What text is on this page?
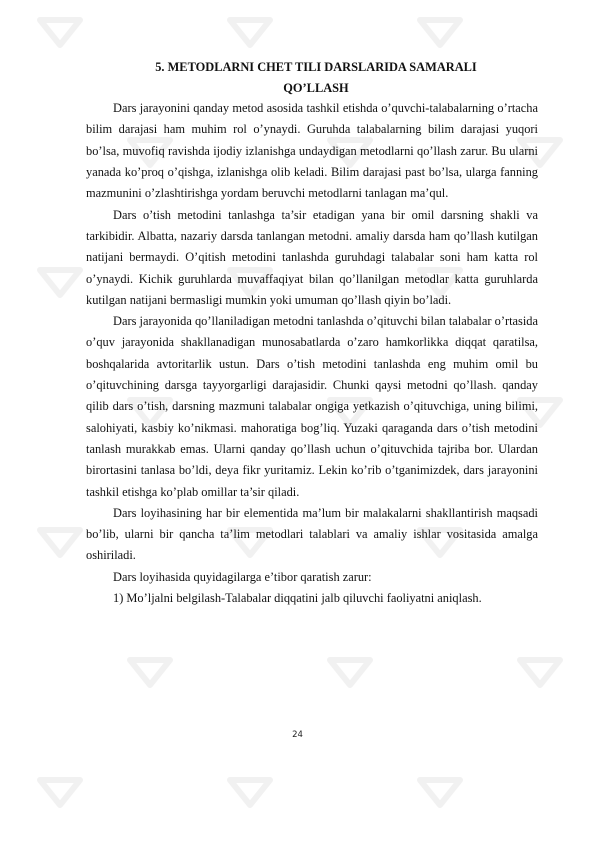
5. METODLARNI CHET TILI DARSLARIDA SAMARALI

QO’LLASH

Dars jarayonini qanday metod asosida tashkil etishda o’quvchi-talabalarning o’rtacha bilim darajasi ham muhim rol o’ynaydi. Guruhda talabalarning bilim darajasi yuqori bo’lsa, muvofiq ravishda ijodiy izlanishga undaydigan metodlarni qo’llash zarur. Bu ularni yanada ko’proq o’qishga, izlanishga olib keladi. Bilim darajasi past bo’lsa, ularga fanning mazmunini o’zlashtirishga yordam beruvchi metodlarni tanlagan ma’qul.

Dars o’tish metodini tanlashga ta’sir etadigan yana bir omil darsning shakli va tarkibidir. Albatta, nazariy darsda tanlangan metodni. amaliy darsda ham qo’llash kutilgan natijani bermaydi. O’qitish metodini tanlashda guruhdagi talabalar soni ham katta rol o’ynaydi. Kichik guruhlarda muvaffaqiyat bilan qo’llanilgan metodlar katta guruhlarda kutilgan natijani bermasligi mumkin yoki umuman qo’llash qiyin bo’ladi.

Dars jarayonida qo’llaniladigan metodni tanlashda o’qituvchi bilan talabalar o’rtasida o’quv jarayonida shakllanadigan munosabatlarda o’zaro hamkorlikka diqqat qaratilsa, boshqalarida avtoritarlik ustun. Dars o’tish metodini tanlashda eng muhim omil bu o’qituvchining darsga tayyorgarligi darajasidir. Chunki qaysi metodni qo’llash. qanday qilib dars o’tish, darsning mazmuni talabalar ongiga yetkazish o’qituvchiga, uning bilimi, salohiyati, kasbiy ko’nikmasi. mahoratiga bog’liq. Yuzaki qaraganda dars o’tish metodini tanlash murakkab emas. Ularni qanday qo’llash uchun o’qituvchida tajriba bor. Ulardan birortasini tanlasa bo’ldi, deya fikr yuritamiz. Lekin ko’rib o’tganimizdek, dars jarayonini tashkil etishga ko’plab omillar ta’sir qiladi.

Dars loyihasining har bir elementida ma’lum bir malakalarni shakllantirish maqsadi bo’lib, ularni bir qancha ta’lim metodlari talablari va amaliy ishlar vositasida amalga oshiriladi.

Dars loyihasida quyidagilarga e’tibor qaratish zarur:

1) Mo’ljalni belgilash-Talabalar diqqatini jalb qiluvchi faoliyatni aniqlash.

24
